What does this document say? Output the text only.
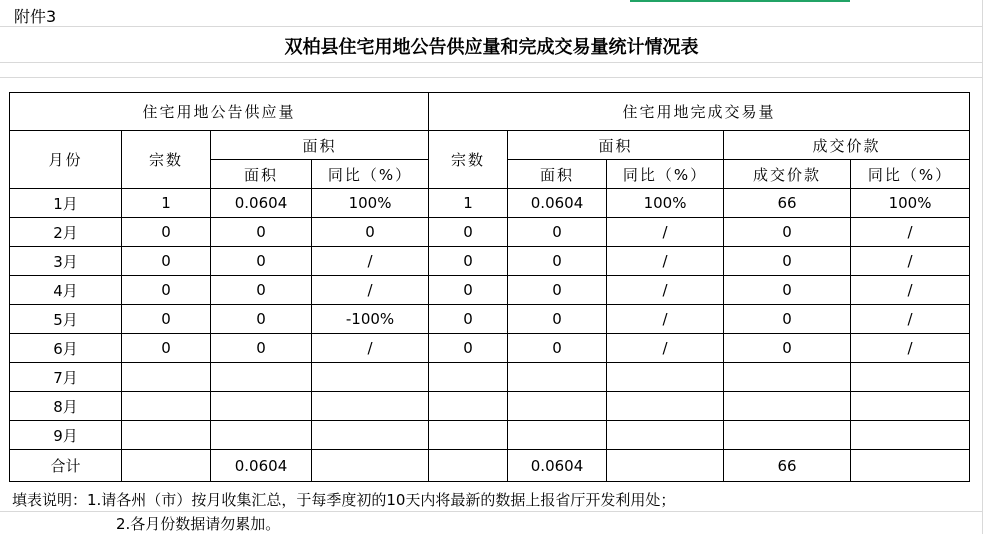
附件3
双柏县住宅用地公告供应量和完成交易量统计情况表
住宅用地公告供应量				住宅用地完成交易量				
月份	宗数	面积		宗数	面积		成交价款	
		面积	同比（%）		面积	同比（%）	成交价款	同比（%）
1月	1	0.0604	100%	1	0.0604	100%	66	100%
2月	0	0	0	0	0	/	0	/
3月	0	0	/	0	0	/	0	/
4月	0	0	/	0	0	/	0	/
5月	0	0	-100%	0	0	/	0	/
6月	0	0	/	0	0	/	0	/
7月								
8月								
9月								
合计		0.0604			0.0604		66	
填表说明：1.请各州（市）按月收集汇总，于每季度初的10天内将最新的数据上报省厅开发利用处；
2.各月份数据请勿累加。
